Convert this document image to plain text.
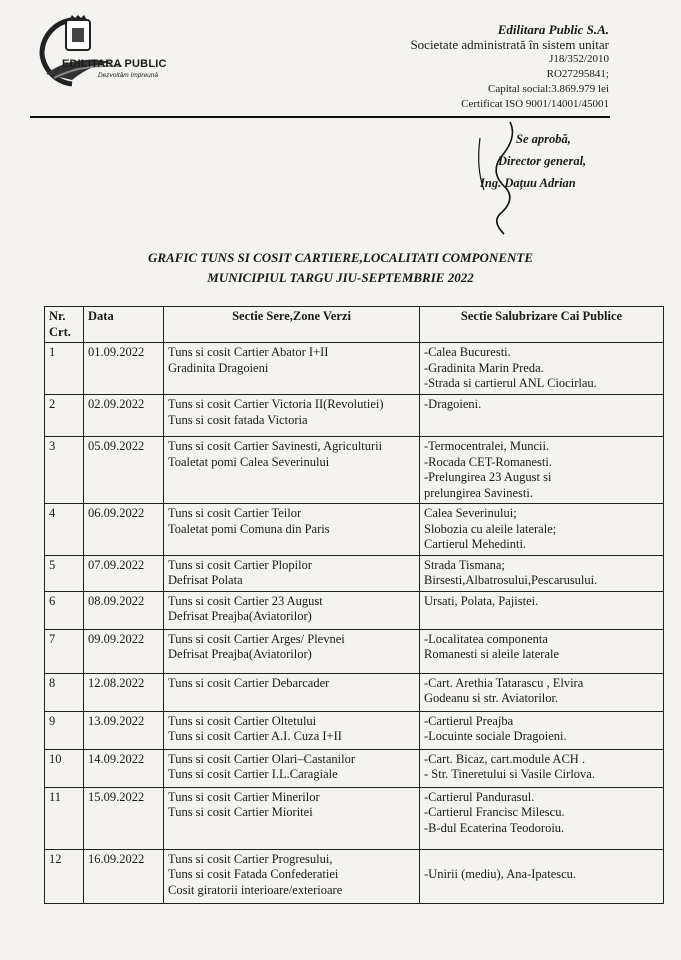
EDILITARA PUBLIC
Dezvoltăm împreună
Edilitara Public S.A.
Societate administrată în sistem unitar
J18/352/2010
RO27295841;
Capital social:3.869.979 lei
Certificat ISO 9001/14001/45001
Se aprobă,
Director general,
Ing. Dațuu Adrian
GRAFIC TUNS SI COSIT CARTIERE,LOCALITATI COMPONENTE
MUNICIPIUL TARGU JIU-SEPTEMBRIE 2022
Nr. Crt.	Data	Sectie Sere,Zone Verzi	Sectie Salubrizare Cai Publice
1	01.09.2022	Tuns si cosit Cartier Abator I+II
Gradinita Dragoieni	-Calea Bucuresti.
-Gradinita Marin Preda.
-Strada si cartierul ANL Ciocirlau.

2	02.09.2022	Tuns si cosit Cartier Victoria II(Revolutiei)
Tuns si cosit fatada Victoria	-Dragoieni.

3	05.09.2022	Tuns si cosit Cartier Savinesti, Agriculturii
Toaletat pomi Calea Severinului	-Termocentralei, Muncii.
-Rocada CET-Romanesti.
-Prelungirea 23 August si
prelungirea Savinesti.

4	06.09.2022	Tuns si cosit Cartier Teilor
Toaletat pomi Comuna din Paris	Calea Severinului;
Slobozia cu aleile laterale;
Cartierul Mehedinti.

5	07.09.2022	Tuns si cosit Cartier Plopilor
Defrisat Polata	Strada Tismana;
Birsesti,Albatrosului,Pescarusului.

6	08.09.2022	Tuns si cosit Cartier 23 August
Defrisat Preajba(Aviatorilor)	Ursati, Polata, Pajistei.

7	09.09.2022	Tuns si cosit Cartier Arges/ Plevnei
Defrisat Preajba(Aviatorilor)	-Localitatea componenta
Romanesti si aleile laterale

8	12.08.2022	Tuns si cosit Cartier Debarcader	-Cart. Arethia Tatarascu , Elvira
Godeanu si str. Aviatorilor.

9	13.09.2022	Tuns si cosit Cartier Oltetului
Tuns si cosit Cartier A.I. Cuza I+II	-Cartierul Preajba
-Locuinte sociale Dragoieni.

10	14.09.2022	Tuns si cosit Cartier Olari–Castanilor
Tuns si cosit Cartier I.L.Caragiale	-Cart. Bicaz, cart.module ACH .
- Str. Tineretului si Vasile Cirlova.

11	15.09.2022	Tuns si cosit Cartier Minerilor
Tuns si cosit Cartier Mioritei	-Cartierul Pandurasul.
-Cartierul Francisc Milescu.
-B-dul Ecaterina Teodoroiu.

12	16.09.2022	Tuns si cosit Cartier Progresului,
Tuns si cosit Fatada Confederatiei
Cosit giratorii interioare/exterioare	-Unirii (mediu), Ana-Ipatescu.
